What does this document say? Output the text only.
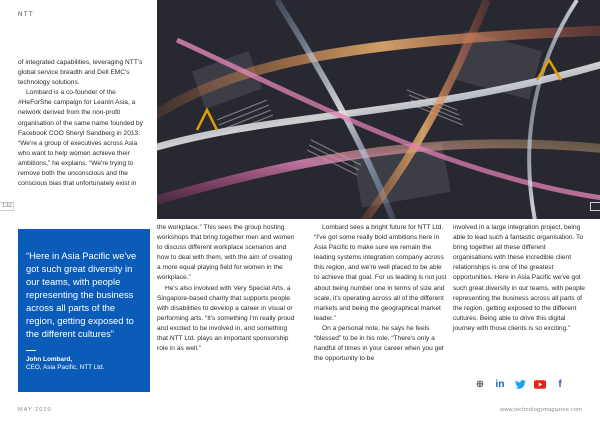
NTT
132

of integrated capabilities, leveraging NTT's global service breadth and Dell EMC's technology solutions.

Lombard is a co-founder of the #HeForShe campaign for LeanIn Asia, a network derived from the non-profit organisation of the same name founded by Facebook COO Sheryl Sandberg in 2013. “We're a group of executives across Asia who want to help women achieve their ambitions,” he explains. “We're trying to remove both the unconscious and the conscious bias that unfortunately exist in

“Here in Asia Pacific we've got such great diversity in our teams, with people representing the business across all parts of the region, getting exposed to the different cultures”
John Lombard,
CEO, Asia Pacific, NTT Ltd.

the workplace.” This sees the group hosting workshops that bring together men and women to discuss different workplace scenarios and how to deal with them, with the aim of creating a more equal playing field for women in the workplace.”

He's also involved with Very Special Arts, a Singapore-based charity that supports people with disabilities to develop a career in visual or performing arts. “It's something I'm really proud and excited to be involved in, and something that NTT Ltd. plays an important sponsorship role in as well.”

Lombard sees a bright future for NTT Ltd. “I've got some really bold ambitions here in Asia Pacific to make sure we remain the leading systems integration company across this region, and we're well placed to be able to achieve that goal. For us leading is not just about being number one in terms of size and scale, it's operating across all of the different markets and being the geographical market leader.”

On a personal note, he says he feels “blessed” to be in his role. “There's only a handful of times in your career when you get the opportunity to be

involved in a large integration project, being able to lead such a fantastic organisation. To bring together all these different organisations with these incredible client relationships is one of the greatest opportunities. Here in Asia Pacific we've got such great diversity in our teams, with people representing the business across all parts of the region, getting exposed to the different cultures. Being able to drive this digital journey with those clients is so exciting.”

⊕	in	f
MAY 2020	www.technologymagazine.com
